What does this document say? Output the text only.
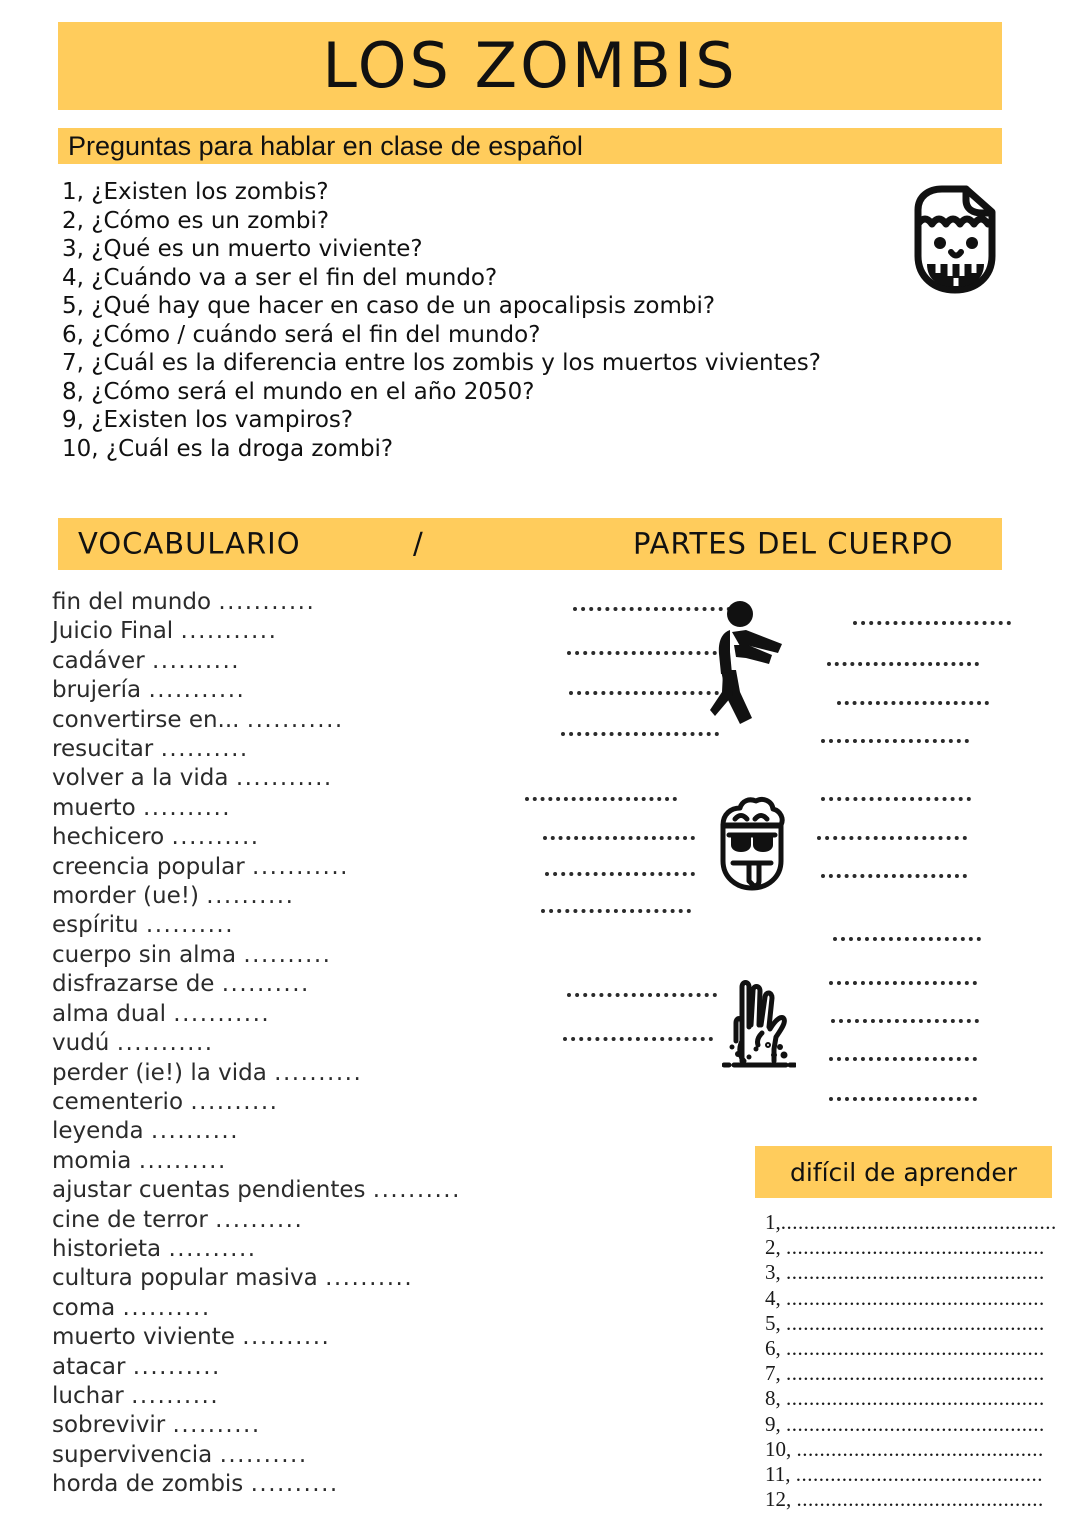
LOS ZOMBIS
Preguntas para hablar en clase de español
1, ¿Existen los zombis?
2, ¿Cómo es un zombi?
3, ¿Qué es un muerto viviente?
4, ¿Cuándo va a ser el fin del mundo?
5, ¿Qué hay que hacer en caso de un apocalipsis zombi?
6, ¿Cómo / cuándo será el fin del mundo?
7, ¿Cuál es la diferencia entre los zombis y los muertos vivientes?
8, ¿Cómo será el mundo en el año 2050?
9, ¿Existen los vampiros?
10, ¿Cuál es la droga zombi?
VOCABULARIO	/	PARTES DEL CUERPO
fin del mundo ...........
Juicio Final ...........
cadáver ..........
brujería ...........
convertirse en... ...........
resucitar ..........
volver a la vida ...........
muerto ..........
hechicero ..........
creencia popular ...........
morder (ue!) ..........
espíritu ..........
cuerpo sin alma ..........
disfrazarse de ..........
alma dual ...........
vudú ...........
perder (ie!) la vida ..........
cementerio ..........
leyenda ..........
momia ..........
ajustar cuentas pendientes ..........
cine de terror ..........
historieta ..........
cultura popular masiva ..........
coma ..........
muerto viviente ..........
atacar ..........
luchar ..........
sobrevivir ..........
supervivencia ..........
horda de zombis ..........
difícil de aprender
1,................................................
2, .............................................
3, .............................................
4, .............................................
5, .............................................
6, .............................................
7, .............................................
8, .............................................
9, .............................................
10, ...........................................
11, ...........................................
12, ...........................................
